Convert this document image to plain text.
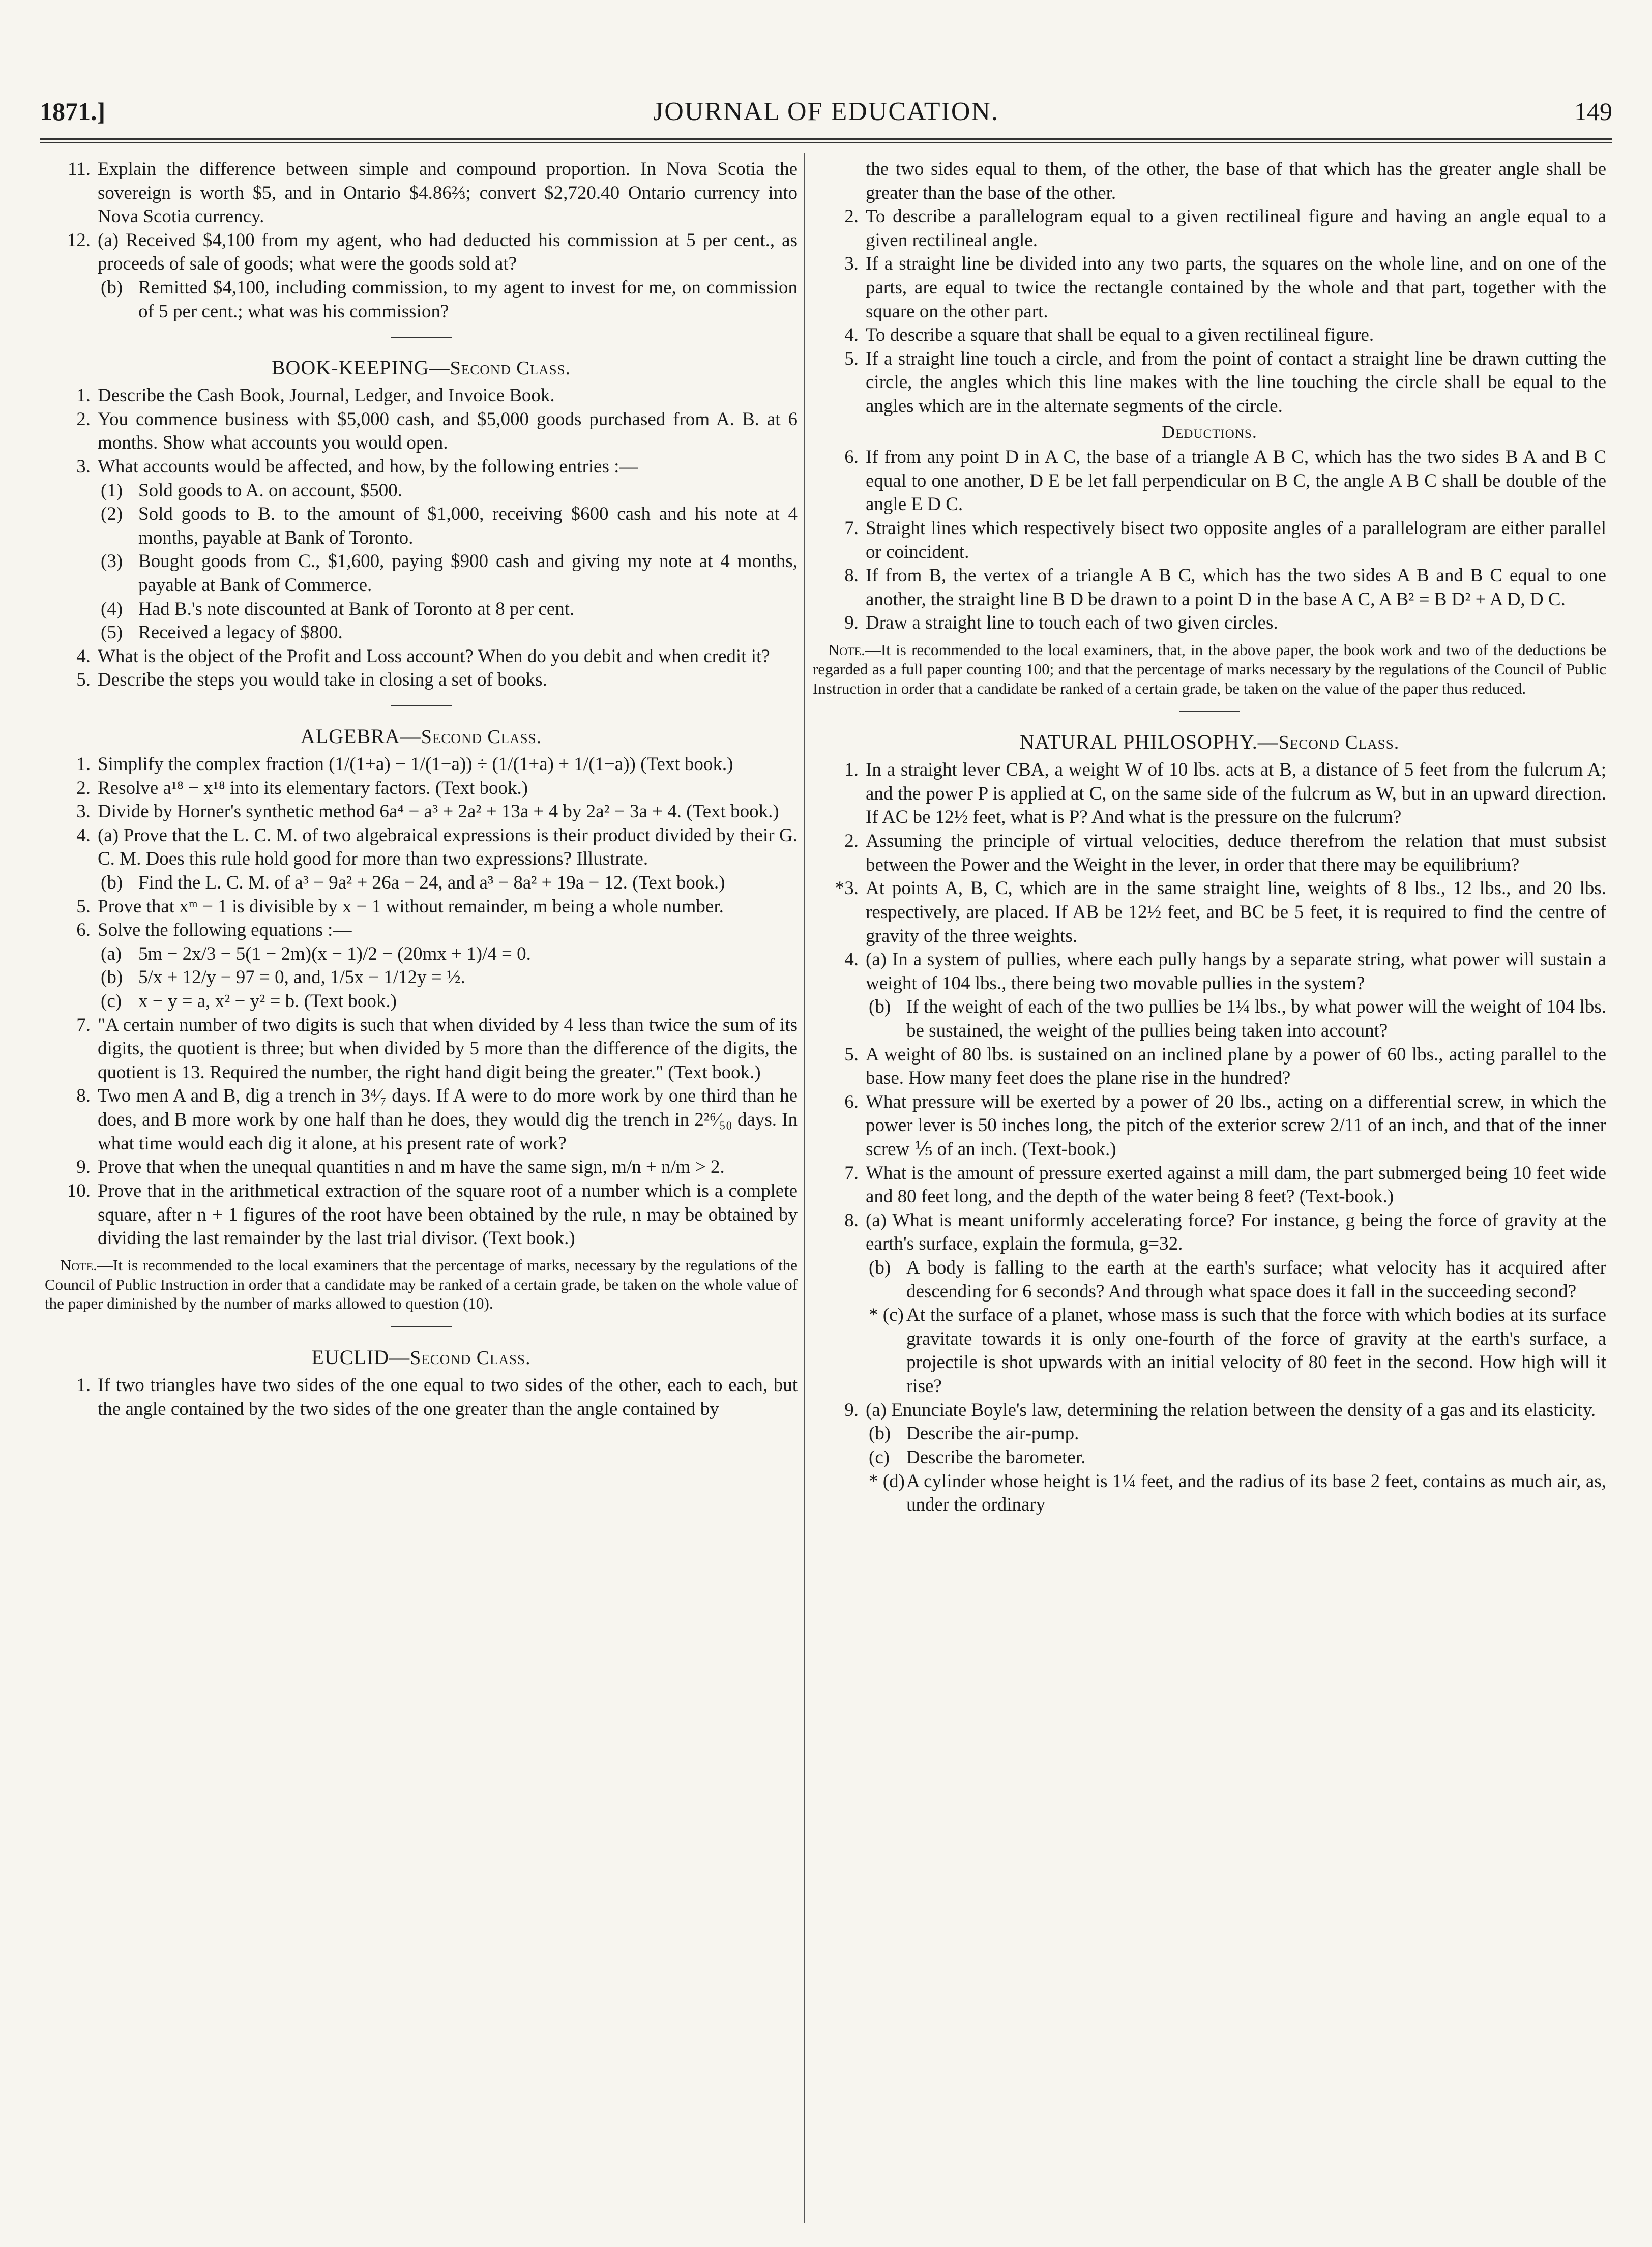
1871.]	JOURNAL OF EDUCATION.	149
11. Explain the difference between simple and compound proportion. In Nova Scotia the sovereign is worth $5, and in Ontario $4.86⅔; convert $2,720.40 Ontario currency into Nova Scotia currency.
12. (a) Received $4,100 from my agent, who had deducted his commission at 5 per cent., as proceeds of sale of goods; what were the goods sold at?
(b) Remitted $4,100, including commission, to my agent to invest for me, on commission of 5 per cent.; what was his commission?
BOOK-KEEPING—Second Class.
1. Describe the Cash Book, Journal, Ledger, and Invoice Book.
2. You commence business with $5,000 cash, and $5,000 goods purchased from A. B. at 6 months. Show what accounts you would open.
3. What accounts would be affected, and how, by the following entries :—
(1) Sold goods to A. on account, $500.
(2) Sold goods to B. to the amount of $1,000, receiving $600 cash and his note at 4 months, payable at Bank of Toronto.
(3) Bought goods from C., $1,600, paying $900 cash and giving my note at 4 months, payable at Bank of Commerce.
(4) Had B.'s note discounted at Bank of Toronto at 8 per cent.
(5) Received a legacy of $800.
4. What is the object of the Profit and Loss account? When do you debit and when credit it?
5. Describe the steps you would take in closing a set of books.
ALGEBRA—Second Class.
1. Simplify the complex fraction (1/(1+a) − 1/(1−a)) ÷ (1/(1+a) + 1/(1−a)) (Text book.)
2. Resolve a¹⁸ − x¹⁸ into its elementary factors. (Text book.)
3. Divide by Horner's synthetic method 6a⁴ − a³ + 2a² + 13a + 4 by 2a² − 3a + 4. (Text book.)
4. (a) Prove that the L. C. M. of two algebraical expressions is their product divided by their G. C. M. Does this rule hold good for more than two expressions? Illustrate.
(b) Find the L. C. M. of a³ − 9a² + 26a − 24, and a³ − 8a² + 19a − 12. (Text book.)
5. Prove that xᵐ − 1 is divisible by x − 1 without remainder, m being a whole number.
6. Solve the following equations :—
(a) 5m − 2x/3 − 5(1 − 2m)(x − 1)/2 − (20mx + 1)/4 = 0.
(b) 5/x + 12/y − 97 = 0, and, 1/5x − 1/12y = ½.
(c) x − y = a, x² − y² = b. (Text book.)
7. "A certain number of two digits is such that when divided by 4 less than twice the sum of its digits, the quotient is three; but when divided by 5 more than the difference of the digits, the quotient is 13. Required the number, the right hand digit being the greater." (Text book.)
8. Two men A and B, dig a trench in 3⁴⁄₇ days. If A were to do more work by one third than he does, and B more work by one half than he does, they would dig the trench in 2²⁶⁄₅₀ days. In what time would each dig it alone, at his present rate of work?
9. Prove that when the unequal quantities n and m have the same sign, m/n + n/m > 2.
10. Prove that in the arithmetical extraction of the square root of a number which is a complete square, after n + 1 figures of the root have been obtained by the rule, n may be obtained by dividing the last remainder by the last trial divisor. (Text book.)
Note.—It is recommended to the local examiners that the percentage of marks, necessary by the regulations of the Council of Public Instruction in order that a candidate may be ranked of a certain grade, be taken on the whole value of the paper diminished by the number of marks allowed to question (10).
EUCLID—Second Class.
1. If two triangles have two sides of the one equal to two sides of the other, each to each, but the angle contained by the two sides of the one greater than the angle contained by
the two sides equal to them, of the other, the base of that which has the greater angle shall be greater than the base of the other.
2. To describe a parallelogram equal to a given rectilineal figure and having an angle equal to a given rectilineal angle.
3. If a straight line be divided into any two parts, the squares on the whole line, and on one of the parts, are equal to twice the rectangle contained by the whole and that part, together with the square on the other part.
4. To describe a square that shall be equal to a given rectilineal figure.
5. If a straight line touch a circle, and from the point of contact a straight line be drawn cutting the circle, the angles which this line makes with the line touching the circle shall be equal to the angles which are in the alternate segments of the circle.
Deductions.
6. If from any point D in A C, the base of a triangle A B C, which has the two sides B A and B C equal to one another, D E be let fall perpendicular on B C, the angle A B C shall be double of the angle E D C.
7. Straight lines which respectively bisect two opposite angles of a parallelogram are either parallel or coincident.
8. If from B, the vertex of a triangle A B C, which has the two sides A B and B C equal to one another, the straight line B D be drawn to a point D in the base A C, A B² = B D² + A D, D C.
9. Draw a straight line to touch each of two given circles.
Note.—It is recommended to the local examiners, that, in the above paper, the book work and two of the deductions be regarded as a full paper counting 100; and that the percentage of marks necessary by the regulations of the Council of Public Instruction in order that a candidate be ranked of a certain grade, be taken on the value of the paper thus reduced.
NATURAL PHILOSOPHY.—Second Class.
1. In a straight lever CBA, a weight W of 10 lbs. acts at B, a distance of 5 feet from the fulcrum A; and the power P is applied at C, on the same side of the fulcrum as W, but in an upward direction. If AC be 12½ feet, what is P? And what is the pressure on the fulcrum?
2. Assuming the principle of virtual velocities, deduce therefrom the relation that must subsist between the Power and the Weight in the lever, in order that there may be equilibrium?
*3. At points A, B, C, which are in the same straight line, weights of 8 lbs., 12 lbs., and 20 lbs. respectively, are placed. If AB be 12½ feet, and BC be 5 feet, it is required to find the centre of gravity of the three weights.
4. (a) In a system of pullies, where each pully hangs by a separate string, what power will sustain a weight of 104 lbs., there being two movable pullies in the system?
(b) If the weight of each of the two pullies be 1¼ lbs., by what power will the weight of 104 lbs. be sustained, the weight of the pullies being taken into account?
5. A weight of 80 lbs. is sustained on an inclined plane by a power of 60 lbs., acting parallel to the base. How many feet does the plane rise in the hundred?
6. What pressure will be exerted by a power of 20 lbs., acting on a differential screw, in which the power lever is 50 inches long, the pitch of the exterior screw 2/11 of an inch, and that of the inner screw ⅕ of an inch. (Text-book.)
7. What is the amount of pressure exerted against a mill dam, the part submerged being 10 feet wide and 80 feet long, and the depth of the water being 8 feet? (Text-book.)
8. (a) What is meant uniformly accelerating force? For instance, g being the force of gravity at the earth's surface, explain the formula, g=32.
(b) A body is falling to the earth at the earth's surface; what velocity has it acquired after descending for 6 seconds? And through what space does it fall in the succeeding second?
* (c) At the surface of a planet, whose mass is such that the force with which bodies at its surface gravitate towards it is only one-fourth of the force of gravity at the earth's surface, a projectile is shot upwards with an initial velocity of 80 feet in the second. How high will it rise?
9. (a) Enunciate Boyle's law, determining the relation between the density of a gas and its elasticity.
(b) Describe the air-pump.
(c) Describe the barometer.
* (d) A cylinder whose height is 1¼ feet, and the radius of its base 2 feet, contains as much air, as, under the ordinary
